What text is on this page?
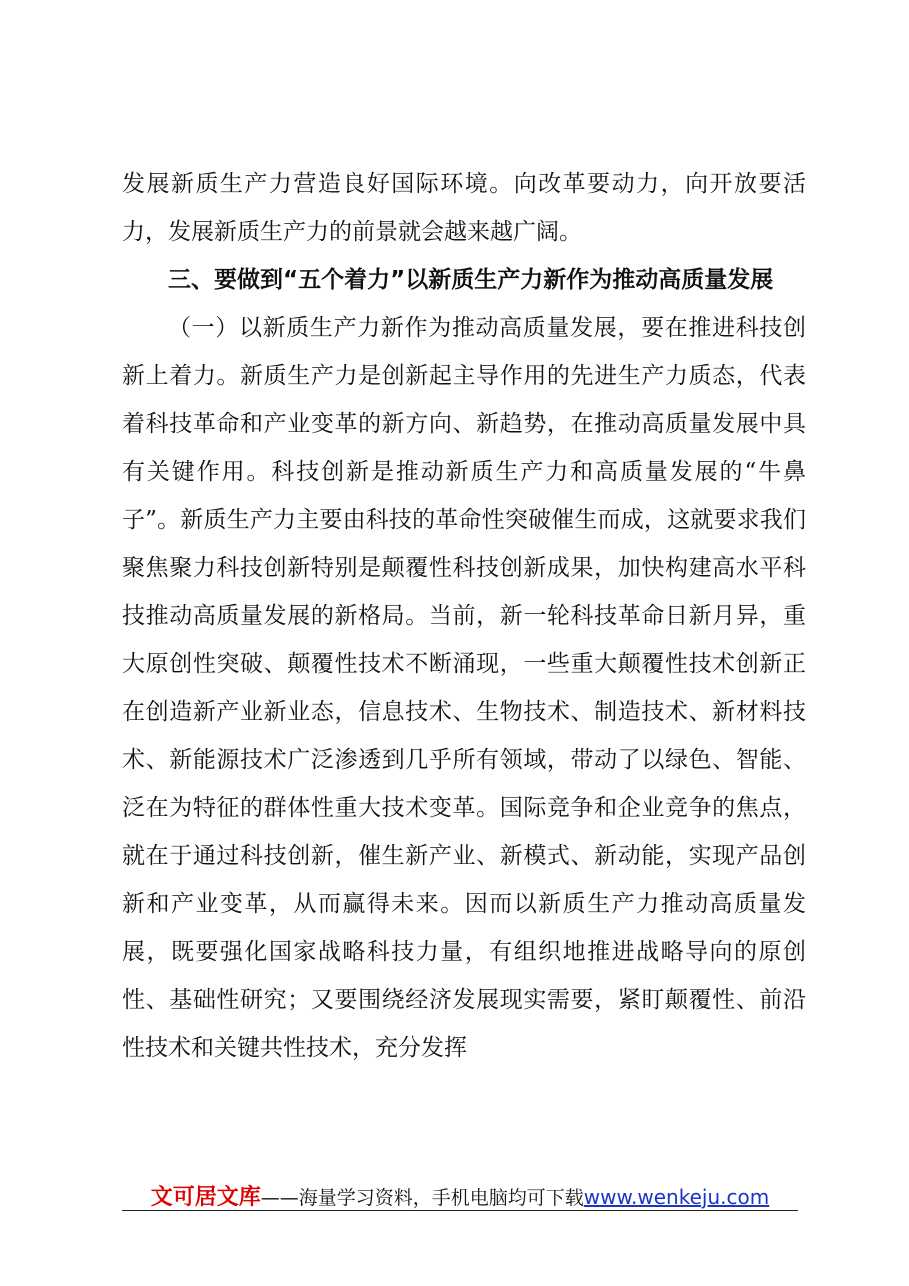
发展新质生产力营造良好国际环境。向改革要动力，向开放要活力，发展新质生产力的前景就会越来越广阔。

三、要做到“五个着力”以新质生产力新作为推动高质量发展

（一）以新质生产力新作为推动高质量发展，要在推进科技创新上着力。新质生产力是创新起主导作用的先进生产力质态，代表着科技革命和产业变革的新方向、新趋势，在推动高质量发展中具有关键作用。科技创新是推动新质生产力和高质量发展的“牛鼻子”。新质生产力主要由科技的革命性突破催生而成，这就要求我们聚焦聚力科技创新特别是颠覆性科技创新成果，加快构建高水平科技推动高质量发展的新格局。当前，新一轮科技革命日新月异，重大原创性突破、颠覆性技术不断涌现，一些重大颠覆性技术创新正在创造新产业新业态，信息技术、生物技术、制造技术、新材料技术、新能源技术广泛渗透到几乎所有领域，带动了以绿色、智能、泛在为特征的群体性重大技术变革。国际竞争和企业竞争的焦点，就在于通过科技创新，催生新产业、新模式、新动能，实现产品创新和产业变革，从而赢得未来。因而以新质生产力推动高质量发展，既要强化国家战略科技力量，有组织地推进战略导向的原创性、基础性研究；又要围绕经济发展现实需要，紧盯颠覆性、前沿性技术和关键共性技术，充分发挥

文可居文库——海量学习资料，手机电脑均可下载www.wenkeju.com
